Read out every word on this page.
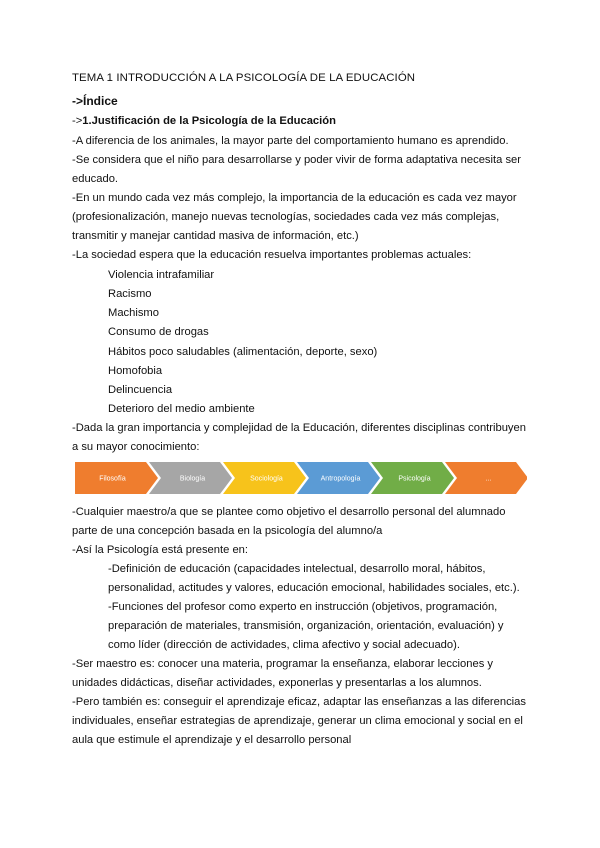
TEMA 1 INTRODUCCIÓN A LA PSICOLOGÍA DE LA EDUCACIÓN
->Índice
->1.Justificación de la Psicología de la Educación
-A diferencia de los animales, la mayor parte del comportamiento humano es aprendido.
-Se considera que el niño para desarrollarse y poder vivir de forma adaptativa necesita ser
educado.
-En un mundo cada vez más complejo, la importancia de la educación es cada vez mayor
(profesionalización, manejo nuevas tecnologías, sociedades cada vez más complejas,
transmitir y manejar cantidad masiva de información, etc.)
-La sociedad espera que la educación resuelva importantes problemas actuales:
Violencia intrafamiliar
Racismo
Machismo
Consumo de drogas
Hábitos poco saludables (alimentación, deporte, sexo)
Homofobia
Delincuencia
Deterioro del medio ambiente
-Dada la gran importancia y complejidad de la Educación, diferentes disciplinas contribuyen
a su mayor conocimiento:
Filosofía	Biología	Sociología	Antropología	Psicología	...
-Cualquier maestro/a que se plantee como objetivo el desarrollo personal del alumnado
parte de una concepción basada en la psicología del alumno/a
-Así la Psicología está presente en:
-Definición de educación (capacidades intelectual, desarrollo moral, hábitos,
personalidad, actitudes y valores, educación emocional, habilidades sociales, etc.).
-Funciones del profesor como experto en instrucción (objetivos, programación,
preparación de materiales, transmisión, organización, orientación, evaluación) y
como líder (dirección de actividades, clima afectivo y social adecuado).
-Ser maestro es: conocer una materia, programar la enseñanza, elaborar lecciones y
unidades didácticas, diseñar actividades, exponerlas y presentarlas a los alumnos.
-Pero también es: conseguir el aprendizaje eficaz, adaptar las enseñanzas a las diferencias
individuales, enseñar estrategias de aprendizaje, generar un clima emocional y social en el
aula que estimule el aprendizaje y el desarrollo personal
